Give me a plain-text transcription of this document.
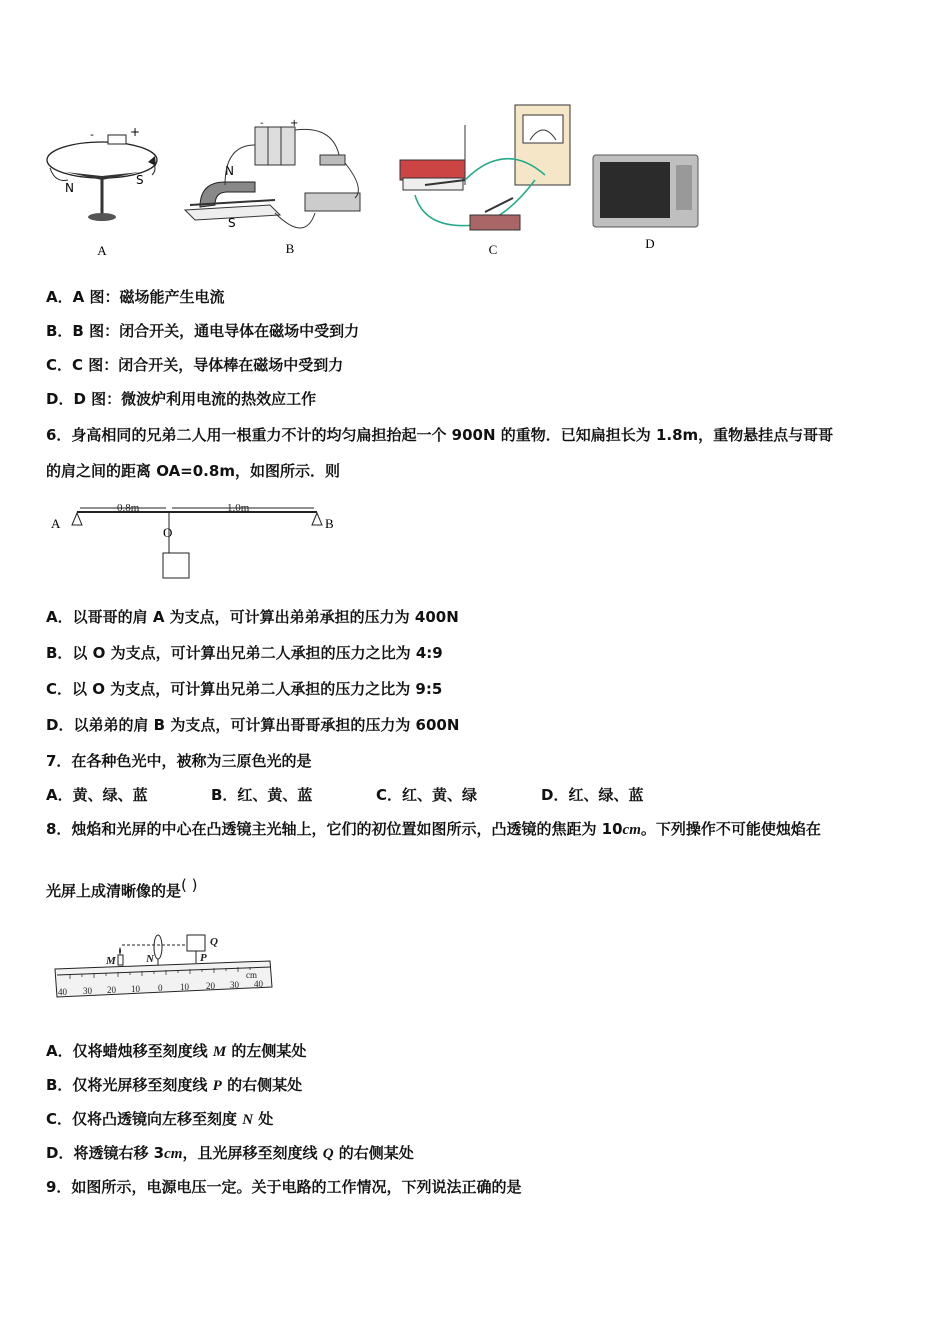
-	+
N
S
A
-	+
N
S
B	C	D
A．A 图：磁场能产生电流
B．B 图：闭合开关，通电导体在磁场中受到力
C．C 图：闭合开关，导体棒在磁场中受到力
D．D 图：微波炉利用电流的热效应工作
6．身高相同的兄弟二人用一根重力不计的均匀扁担抬起一个 900N 的重物．已知扁担长为 1.8m，重物悬挂点与哥哥
的肩之间的距离 OA=0.8m，如图所示．则
A
O
B
0.8m	1.0m
A．以哥哥的肩 A 为支点，可计算出弟弟承担的压力为 400N
B．以 O 为支点，可计算出兄弟二人承担的压力之比为 4:9
C．以 O 为支点，可计算出兄弟二人承担的压力之比为 9:5
D．以弟弟的肩 B 为支点，可计算出哥哥承担的压力为 600N
7．在各种色光中，被称为三原色光的是
A．黄、绿、蓝	B．红、黄、蓝	C．红、黄、绿	D．红、绿、蓝
8．烛焰和光屏的中心在凸透镜主光轴上，它们的初位置如图所示，凸透镜的焦距为 10cm。下列操作不可能使烛焰在
光屏上成清晰像的是( )
40 30 20 10 0 10 20 30 40
cm
M	N	P
Q
A．仅将蜡烛移至刻度线 M 的左侧某处
B．仅将光屏移至刻度线 P 的右侧某处
C．仅将凸透镜向左移至刻度 N 处
D．将透镜右移 3cm，且光屏移至刻度线 Q 的右侧某处
9．如图所示，电源电压一定。关于电路的工作情况，下列说法正确的是
